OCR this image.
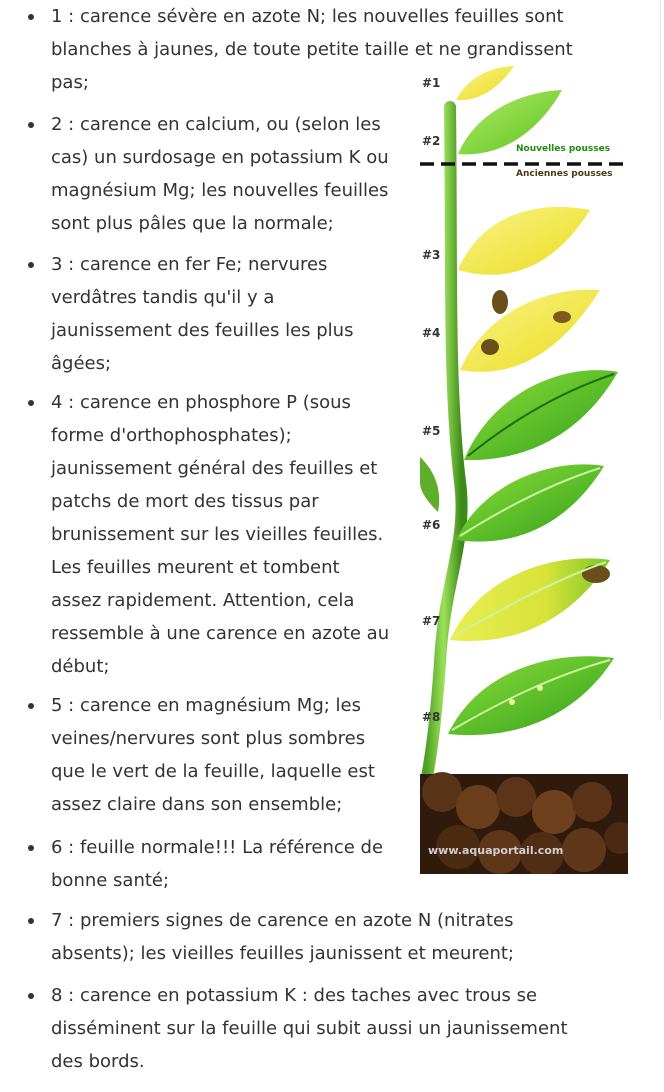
1 : carence sévère en azote N; les nouvelles feuilles sont
blanches à jaunes, de toute petite taille et ne grandissent
pas;
2 : carence en calcium, ou (selon les
cas) un surdosage en potassium K ou
magnésium Mg; les nouvelles feuilles
sont plus pâles que la normale;
3 : carence en fer Fe; nervures
verdâtres tandis qu'il y a
jaunissement des feuilles les plus
âgées;
4 : carence en phosphore P (sous
forme d'orthophosphates);
jaunissement général des feuilles et
patchs de mort des tissus par
brunissement sur les vieilles feuilles.
Les feuilles meurent et tombent
assez rapidement. Attention, cela
ressemble à une carence en azote au
début;
5 : carence en magnésium Mg; les
veines/nervures sont plus sombres
que le vert de la feuille, laquelle est
assez claire dans son ensemble;
6 : feuille normale!!! La référence de
bonne santé;
7 : premiers signes de carence en azote N (nitrates
absents); les vieilles feuilles jaunissent et meurent;
8 : carence en potassium K : des taches avec trous se
disséminent sur la feuille qui subit aussi un jaunissement
des bords.
#1
#2
#3
#4
#5
#6
#7
#8
Nouvelles pousses
Anciennes pousses
www.aquaportail.com
